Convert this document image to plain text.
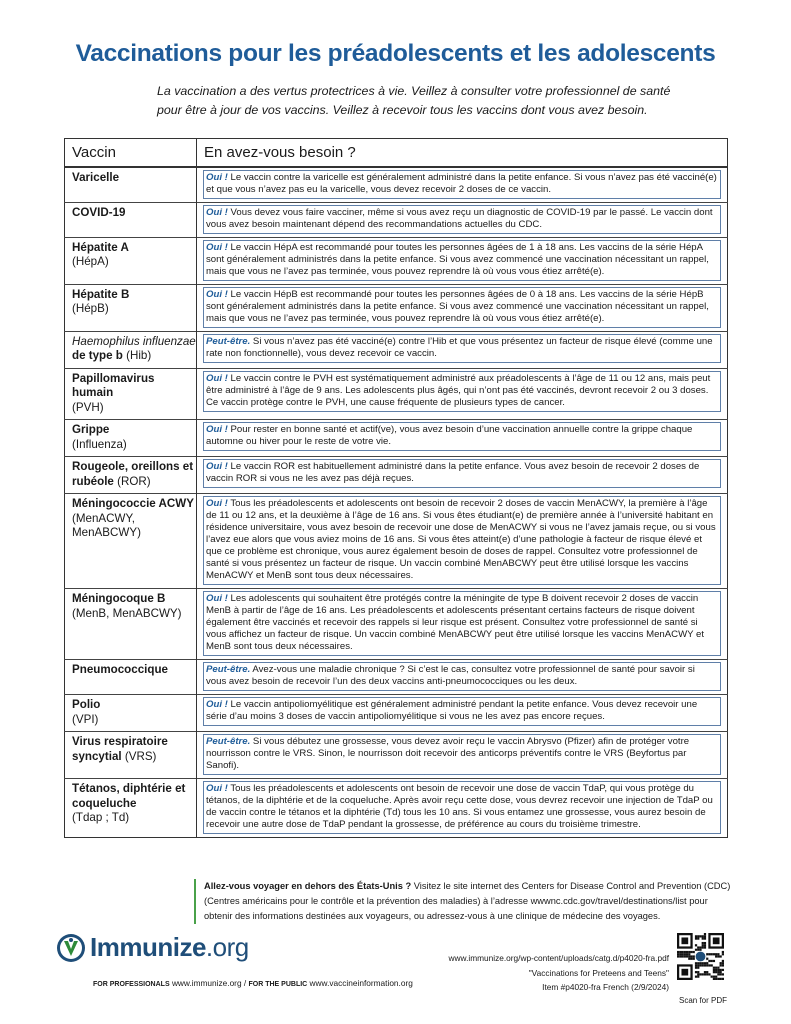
Vaccinations pour les préadolescents et les adolescents

La vaccination a des vertus protectrices à vie. Veillez à consulter votre professionnel de santé pour être à jour de vos vaccins. Veillez à recevoir tous les vaccins dont vous avez besoin.

Vaccin	En avez-vous besoin ?

Varicelle	Oui ! Le vaccin contre la varicelle est généralement administré dans la petite enfance. Si vous n’avez pas été vacciné(e) et que vous n’avez pas eu la varicelle, vous devez recevoir 2 doses de ce vaccin.

COVID-19	Oui ! Vous devez vous faire vacciner, même si vous avez reçu un diagnostic de COVID-19 par le passé. Le vaccin dont vous avez besoin maintenant dépend des recommandations actuelles du CDC.

Hépatite A
(HépA)	Oui ! Le vaccin HépA est recommandé pour toutes les personnes âgées de 1 à 18 ans. Les vaccins de la série HépA sont généralement administrés dans la petite enfance. Si vous avez commencé une vaccination nécessitant un rappel, mais que vous ne l’avez pas terminée, vous pouvez reprendre là où vous vous étiez arrêté(e).

Hépatite B
(HépB)	Oui ! Le vaccin HépB est recommandé pour toutes les personnes âgées de 0 à 18 ans. Les vaccins de la série HépB sont généralement administrés dans la petite enfance. Si vous avez commencé une vaccination nécessitant un rappel, mais que vous ne l’avez pas terminée, vous pouvez reprendre là où vous vous étiez arrêté(e).

Haemophilus influenzae de type b (Hib)	Peut-être. Si vous n’avez pas été vacciné(e) contre l’Hib et que vous présentez un facteur de risque élevé (comme une rate non fonctionnelle), vous devez recevoir ce vaccin.

Papillomavirus humain
(PVH)	Oui ! Le vaccin contre le PVH est systématiquement administré aux préadolescents à l’âge de 11 ou 12 ans, mais peut être administré à l’âge de 9 ans. Les adolescents plus âgés, qui n’ont pas été vaccinés, devront recevoir 2 ou 3 doses. Ce vaccin protège contre le PVH, une cause fréquente de plusieurs types de cancer.

Grippe
(Influenza)	Oui ! Pour rester en bonne santé et actif(ve), vous avez besoin d’une vaccination annuelle contre la grippe chaque automne ou hiver pour le reste de votre vie.

Rougeole, oreillons et rubéole (ROR)	Oui ! Le vaccin ROR est habituellement administré dans la petite enfance. Vous avez besoin de recevoir 2 doses de vaccin ROR si vous ne les avez pas déjà reçues.

Méningococcie ACWY
(MenACWY, MenABCWY)	Oui ! Tous les préadolescents et adolescents ont besoin de recevoir 2 doses de vaccin MenACWY, la première à l’âge de 11 ou 12 ans, et la deuxième à l’âge de 16 ans. Si vous êtes étudiant(e) de première année à l’université habitant en résidence universitaire, vous avez besoin de recevoir une dose de MenACWY si vous ne l’avez jamais reçue, ou si vous l’avez eue alors que vous aviez moins de 16 ans. Si vous êtes atteint(e) d’une pathologie à facteur de risque élevé et que ce problème est chronique, vous aurez également besoin de doses de rappel. Consultez votre professionnel de santé si vous présentez un facteur de risque. Un vaccin combiné MenABCWY peut être utilisé lorsque les vaccins MenACWY et MenB sont tous deux nécessaires.

Méningocoque B
(MenB, MenABCWY)	Oui ! Les adolescents qui souhaitent être protégés contre la méningite de type B doivent recevoir 2 doses de vaccin MenB à partir de l’âge de 16 ans. Les préadolescents et adolescents présentant certains facteurs de risque doivent également être vaccinés et recevoir des rappels si leur risque est présent. Consultez votre professionnel de santé si vous affichez un facteur de risque. Un vaccin combiné MenABCWY peut être utilisé lorsque les vaccins MenACWY et MenB sont tous deux nécessaires.

Pneumococcique	Peut-être. Avez-vous une maladie chronique ? Si c’est le cas, consultez votre professionnel de santé pour savoir si vous avez besoin de recevoir l’un des deux vaccins anti-pneumococciques ou les deux.

Polio
(VPI)	Oui ! Le vaccin antipoliomyélitique est généralement administré pendant la petite enfance. Vous devez recevoir une série d’au moins 3 doses de vaccin antipoliomyélitique si vous ne les avez pas encore reçues.

Virus respiratoire syncytial (VRS)	Peut-être. Si vous débutez une grossesse, vous devez avoir reçu le vaccin Abrysvo (Pfizer) afin de protéger votre nourrisson contre le VRS. Sinon, le nourrisson doit recevoir des anticorps préventifs contre le VRS (Beyfortus par Sanofi).

Tétanos, diphtérie et coqueluche
(Tdap ; Td)	Oui ! Tous les préadolescents et adolescents ont besoin de recevoir une dose de vaccin TdaP, qui vous protège du tétanos, de la diphtérie et de la coqueluche. Après avoir reçu cette dose, vous devrez recevoir une injection de TdaP ou de vaccin contre le tétanos et la diphtérie (Td) tous les 10 ans. Si vous entamez une grossesse, vous aurez besoin de recevoir une autre dose de TdaP pendant la grossesse, de préférence au cours du troisième trimestre.
Allez-vous voyager en dehors des États-Unis ? Visitez le site internet des Centers for Disease Control and Prevention (CDC) (Centres américains pour le contrôle et la prévention des maladies) à l’adresse wwwnc.cdc.gov/travel/destinations/list pour obtenir des informations destinées aux voyageurs, ou adressez-vous à une clinique de médecine des voyages.
Immunize.org
FOR PROFESSIONALS www.immunize.org / FOR THE PUBLIC www.vaccineinformation.org
www.immunize.org/wp-content/uploads/catg.d/p4020-fra.pdf
"Vaccinations for Preteens and Teens"
Item #p4020-fra French (2/9/2024)
Scan for PDF
